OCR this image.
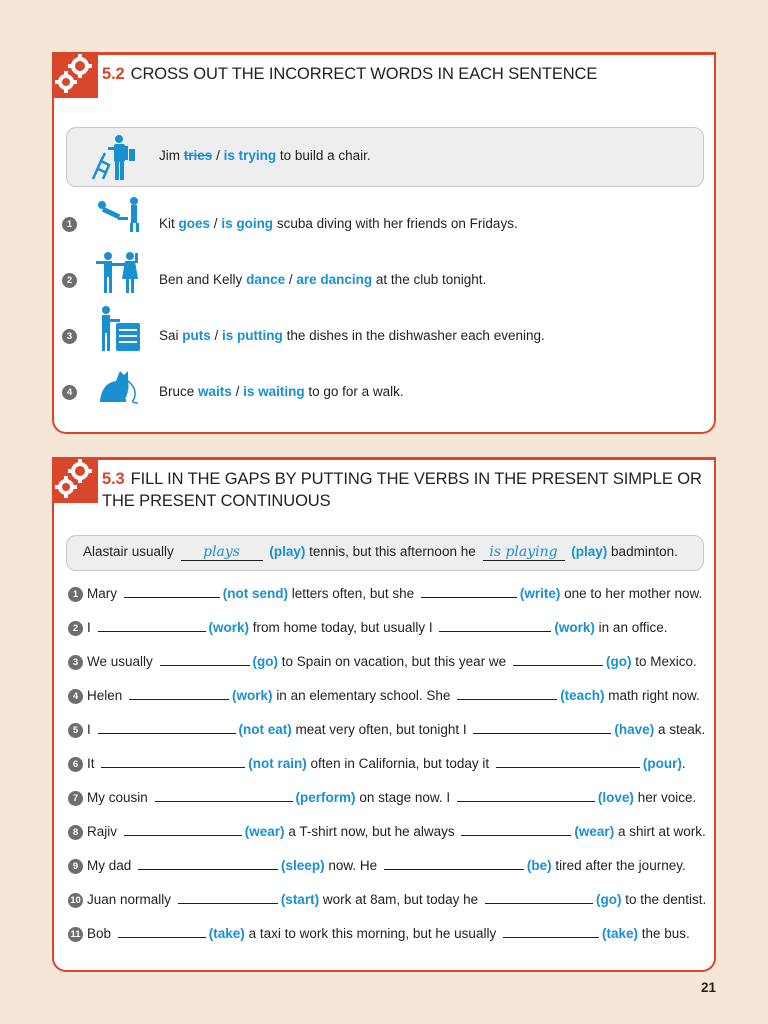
5.2 CROSS OUT THE INCORRECT WORDS IN EACH SENTENCE
Jim tries / is trying to build a chair.
1	Kit goes / is going scuba diving with her friends on Fridays.
2	Ben and Kelly dance / are dancing at the club tonight.
3	Sai puts / is putting the dishes in the dishwasher each evening.
4	Bruce waits / is waiting to go for a walk.
5.3 FILL IN THE GAPS BY PUTTING THE VERBS IN THE PRESENT SIMPLE OR
THE PRESENT CONTINUOUS
Alastair usually plays (play) tennis, but this afternoon he is playing (play) badminton.
1 Mary	(not send) letters often, but she	(write) one to her mother now.
2 I	(work) from home today, but usually I	(work) in an office.
3 We usually	(go) to Spain on vacation, but this year we	(go) to Mexico.
4 Helen	(work) in an elementary school. She	(teach) math right now.
5 I	(not eat) meat very often, but tonight I	(have) a steak.
6 It	(not rain) often in California, but today it	(pour).
7 My cousin	(perform) on stage now. I	(love) her voice.
8 Rajiv	(wear) a T-shirt now, but he always	(wear) a shirt at work.
9 My dad	(sleep) now. He	(be) tired after the journey.
10 Juan normally	(start) work at 8am, but today he	(go) to the dentist.
11 Bob	(take) a taxi to work this morning, but he usually	(take) the bus.
21
